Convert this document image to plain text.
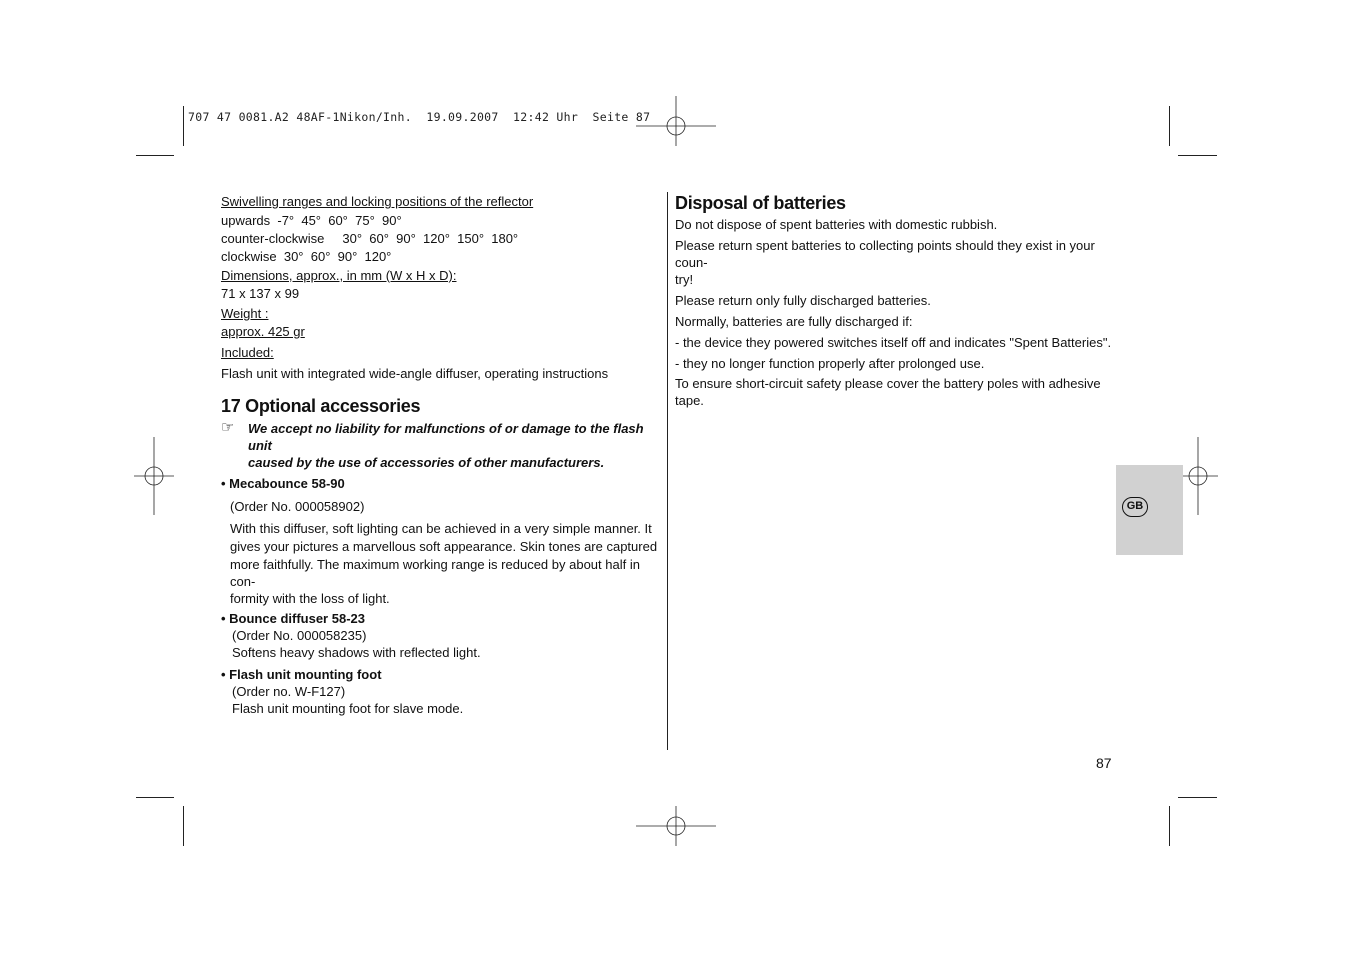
707 47 0081.A2 48AF-1Nikon/Inh.  19.09.2007  12:42 Uhr  Seite 87

Swivelling ranges and locking positions of the reflector

upwards  -7°  45°  60°  75°  90°

counter-clockwise     30°  60°  90°  120°  150°  180°

clockwise  30°  60°  90°  120°

Dimensions, approx., in mm (W x H x D):

71 x 137 x 99

Weight :

approx. 425 gr

Included:

Flash unit with integrated wide-angle diffuser, operating instructions

17 Optional accessories

☞ We accept no liability for malfunctions of or damage to the flash unit

caused by the use of accessories of other manufacturers.

• Mecabounce 58-90

(Order No. 000058902)

With this diffuser, soft lighting can be achieved in a very simple manner. It

gives your pictures a marvellous soft appearance. Skin tones are captured

more faithfully. The maximum working range is reduced by about half in con-

formity with the loss of light.

• Bounce diffuser 58-23

(Order No. 000058235)

Softens heavy shadows with reflected light.

• Flash unit mounting foot

(Order no. W-F127)

Flash unit mounting foot for slave mode.

Disposal of batteries

Do not dispose of spent batteries with domestic rubbish.

Please return spent batteries to collecting points should they exist in your coun-

try!

Please return only fully discharged batteries.

Normally, batteries are fully discharged if:

- the device they powered switches itself off and indicates "Spent Batteries".

- they no longer function properly after prolonged use.

To ensure short-circuit safety please cover the battery poles with adhesive tape.

GB
87
